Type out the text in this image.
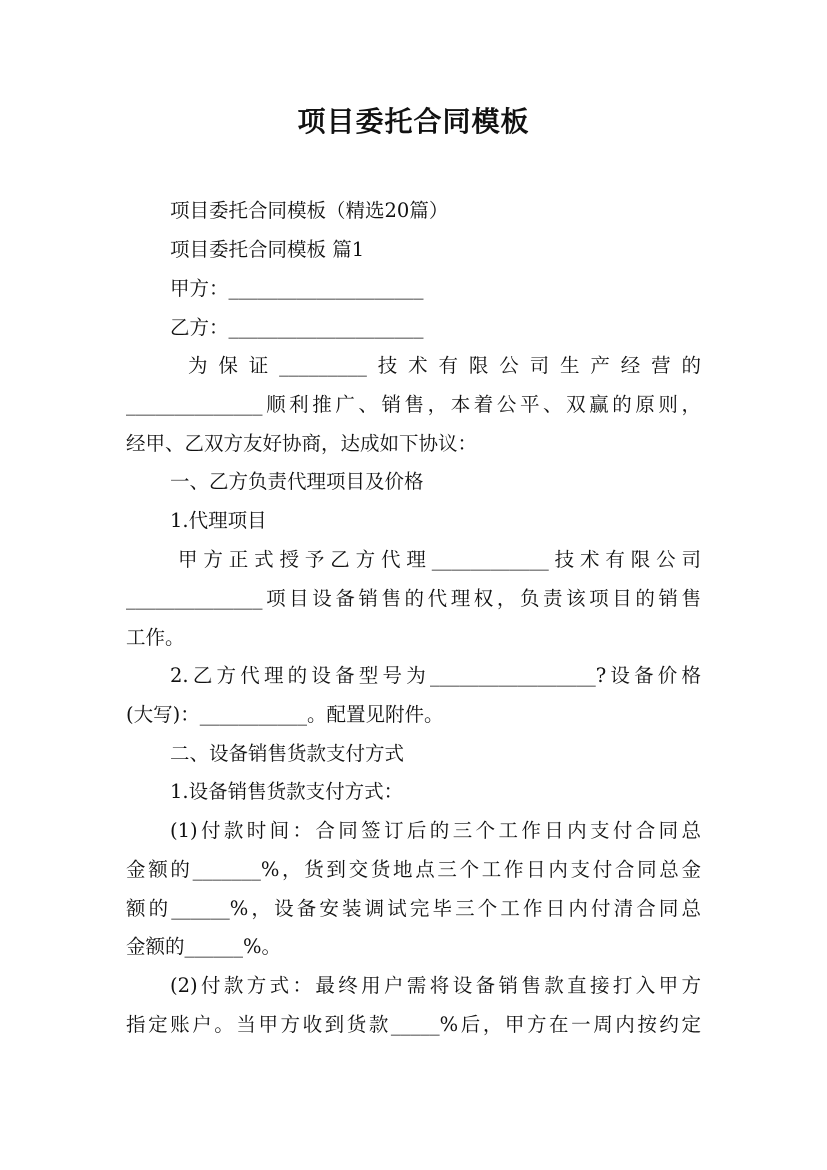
项目委托合同模板
项目委托合同模板（精选20篇）
项目委托合同模板 篇1
甲方：____________________
乙方：____________________
为保证_________技术有限公司生产经营的
______________顺利推广、销售，本着公平、双赢的原则，
经甲、乙双方友好协商，达成如下协议：
一、乙方负责代理项目及价格
1.代理项目
甲方正式授予乙方代理____________技术有限公司
______________项目设备销售的代理权，负责该项目的销售
工作。
2.乙方代理的设备型号为_________________?设备价格
(大写)：___________。配置见附件。
二、设备销售货款支付方式
1.设备销售货款支付方式：
(1)付款时间：合同签订后的三个工作日内支付合同总
金额的_______%，货到交货地点三个工作日内支付合同总金
额的______%，设备安装调试完毕三个工作日内付清合同总
金额的______%。
(2)付款方式：最终用户需将设备销售款直接打入甲方
指定账户。当甲方收到货款_____%后，甲方在一周内按约定
